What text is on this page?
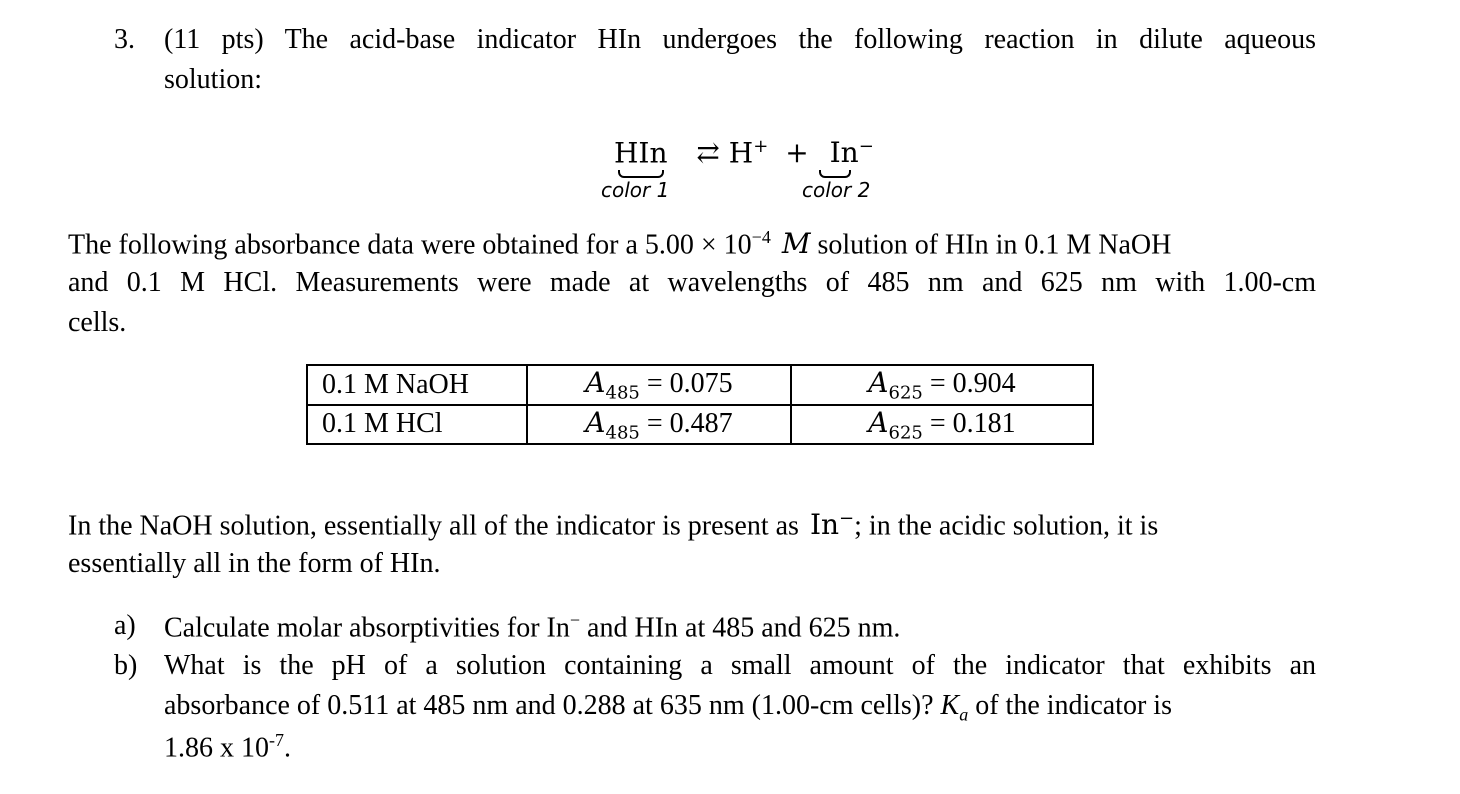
3. (11 pts) The acid-base indicator HIn undergoes the following reaction in dilute aqueous
solution:
HIn ⇄ H+ + In−
color 1	color 2
The following absorbance data were obtained for a $5.00 \times 10^{-4}$ M solution of HIn in 0.1 M NaOH
and 0.1 M HCl. Measurements were made at wavelengths of 485 nm and 625 nm with 1.00-cm
cells.
0.1 M NaOH	$A_{485} = 0.075$	$A_{625} = 0.904$
0.1 M HCl	$A_{485} = 0.487$	$A_{625} = 0.181$
In the NaOH solution, essentially all of the indicator is present as In−; in the acidic solution, it is
essentially all in the form of HIn.
a) Calculate molar absorptivities for In− and HIn at 485 and 625 nm.
b) What is the pH of a solution containing a small amount of the indicator that exhibits an
absorbance of 0.511 at 485 nm and 0.288 at 635 nm (1.00-cm cells)? $K_a$ of the indicator is
1.86 x $10^{-7}$.
